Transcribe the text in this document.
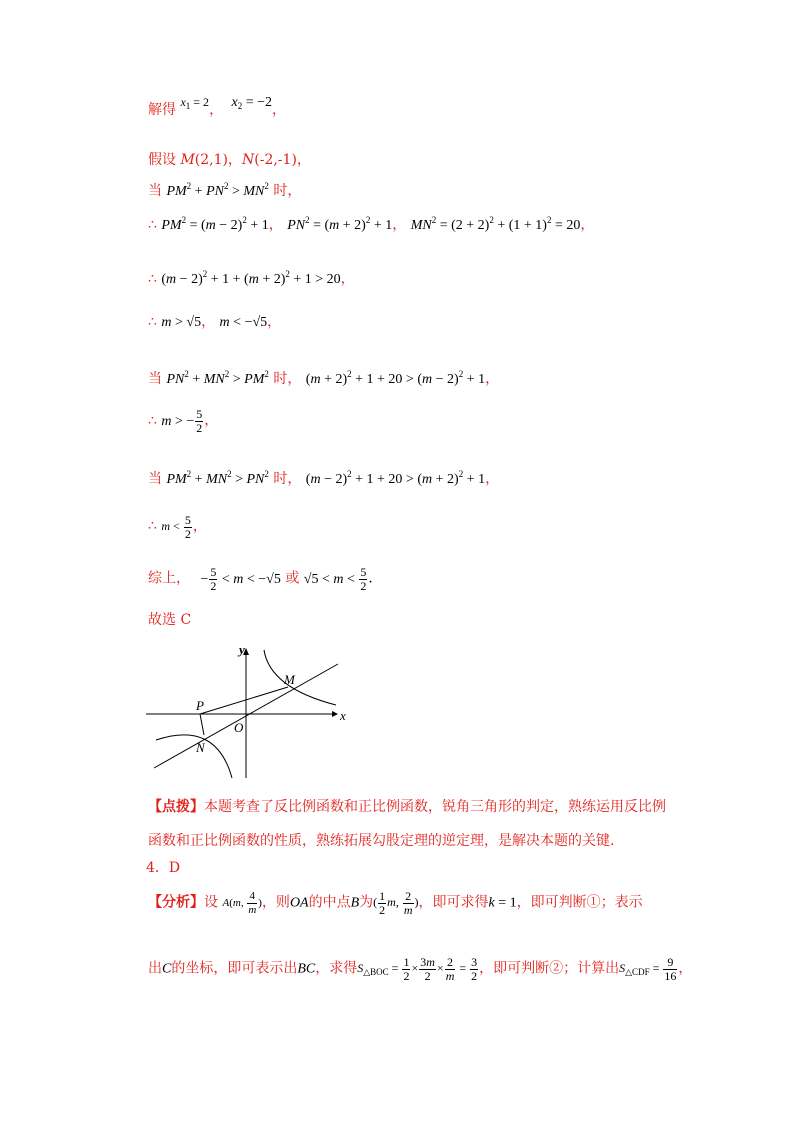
解得 $x_1 = 2$， $x_2 = -2$，
假设 M(2,1)，N(-2,-1)，
当 $PM^2 + PN^2 > MN^2$ 时，
∴ $PM^2 = (m - 2)^2 + 1$， $PN^2 = (m + 2)^2 + 1$， $MN^2 = (2 + 2)^2 + (1 + 1)^2 = 20$，
∴ $(m - 2)^2 + 1 + (m + 2)^2 + 1 > 20$，
∴ m > √5， m < −√5，
当 $PN^2 + MN^2 > PM^2$ 时， $(m + 2)^2 + 1 + 20 > (m - 2)^2 + 1$，
∴ m > − $\frac{5}{2}$ ，
当 $PM^2 + MN^2 > PN^2$ 时， $(m - 2)^2 + 1 + 20 > (m + 2)^2 + 1$，
∴ $m < \frac{5}{2}$ ，
综上， − $\frac{5}{2} < m < -√5$ 或 $√5 < m < \frac{5}{2}$ .
故选 C
x
y
O
M
N
P
【点拨】本题考查了反比例函数和正比例函数，锐角三角形的判定，熟练运用反比例
函数和正比例函数的性质，熟练拓展勾股定理的逆定理，是解决本题的关键.
4．D
【分析】设 A(m, $\frac{4}{m}$ )，则OA的中点B为( $\frac{1}{2} m$, $\frac{2}{m}$ )，即可求得k = 1，即可判断①；表示
出C的坐标，即可表示出BC，求得$S_{\triangle BOC} = \frac{1}{2} \times \frac{3m}{2} \times \frac{2}{m} = \frac{3}{2}$ ，即可判断②；计算出$S_{\triangle CDF} = \frac{9}{16}$ ，
